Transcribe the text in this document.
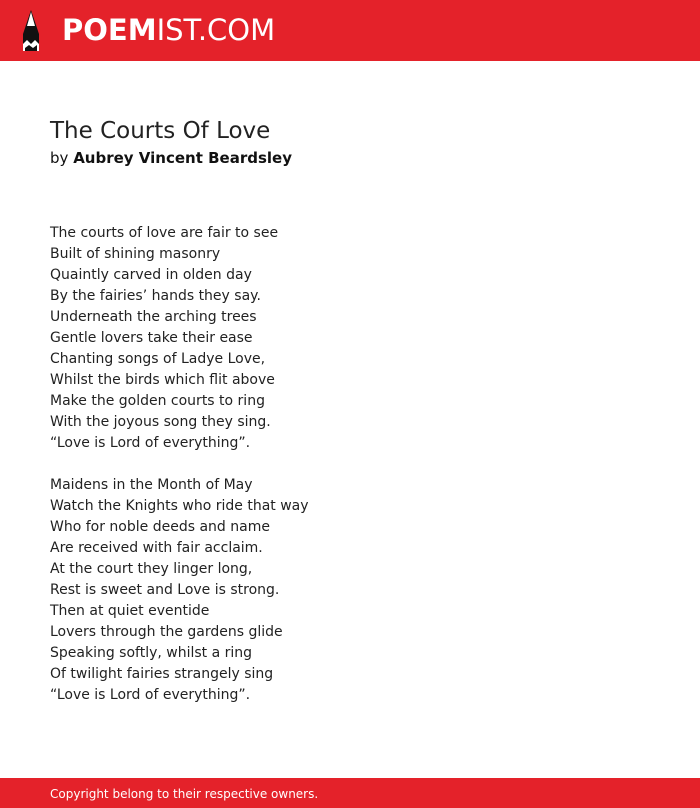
POEMIST.COM
The Courts Of Love

by Aubrey Vincent Beardsley

The courts of love are fair to see
Built of shining masonry
Quaintly carved in olden day
By the fairies’ hands they say.
Underneath the arching trees
Gentle lovers take their ease
Chanting songs of Ladye Love,
Whilst the birds which flit above
Make the golden courts to ring
With the joyous song they sing.
“Love is Lord of everything”.
Maidens in the Month of May
Watch the Knights who ride that way
Who for noble deeds and name
Are received with fair acclaim.
At the court they linger long,
Rest is sweet and Love is strong.
Then at quiet eventide
Lovers through the gardens glide
Speaking softly, whilst a ring
Of twilight fairies strangely sing
“Love is Lord of everything”.
Copyright belong to their respective owners.
